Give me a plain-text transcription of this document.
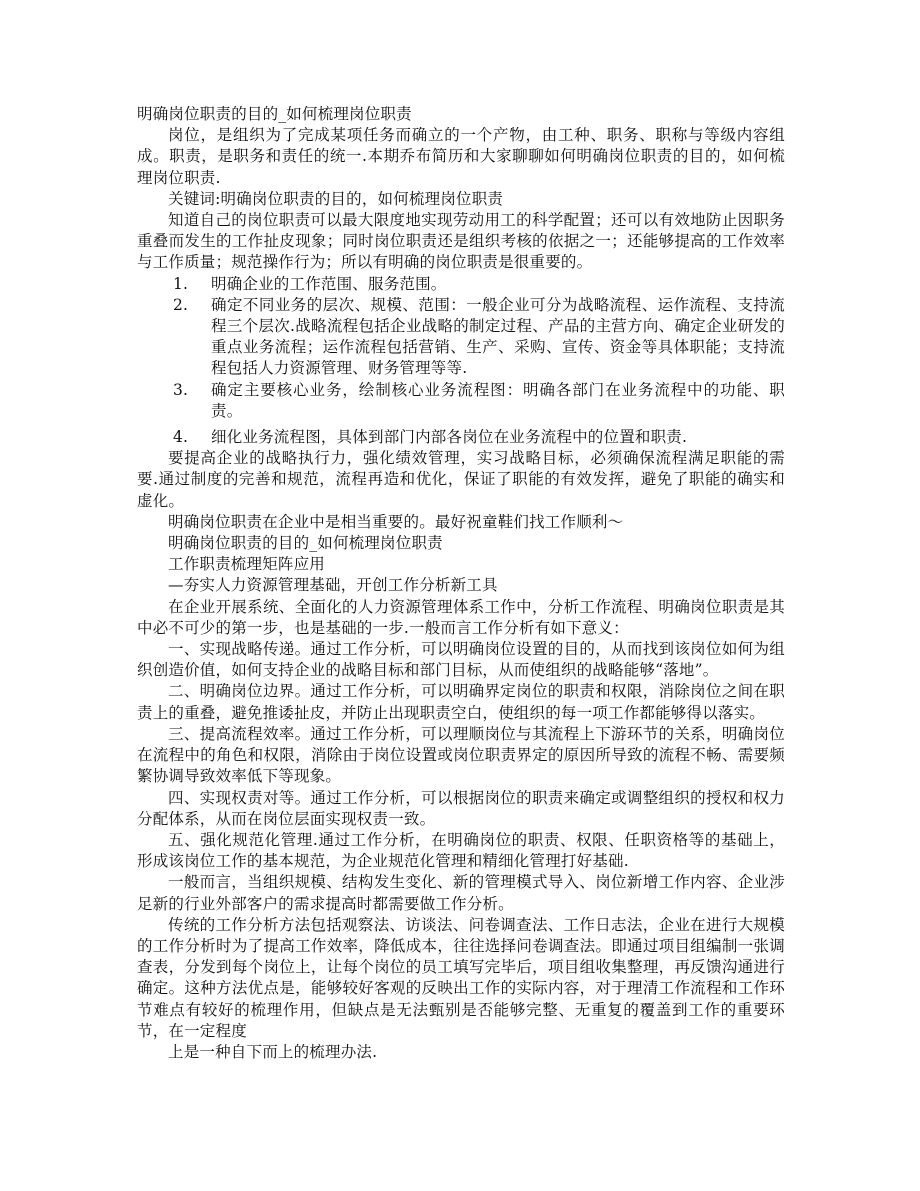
明确岗位职责的目的_如何梳理岗位职责

岗位，是组织为了完成某项任务而确立的一个产物，由工种、职务、职称与等级内容组成。职责，是职务和责任的统一.本期乔布简历和大家聊聊如何明确岗位职责的目的，如何梳理岗位职责.

关键词:明确岗位职责的目的，如何梳理岗位职责

知道自己的岗位职责可以最大限度地实现劳动用工的科学配置；还可以有效地防止因职务重叠而发生的工作扯皮现象；同时岗位职责还是组织考核的依据之一；还能够提高的工作效率与工作质量；规范操作行为；所以有明确的岗位职责是很重要的。

1.	明确企业的工作范围、服务范围。
2.	确定不同业务的层次、规模、范围：一般企业可分为战略流程、运作流程、支持流程三个层次.战略流程包括企业战略的制定过程、产品的主营方向、确定企业研发的重点业务流程；运作流程包括营销、生产、采购、宣传、资金等具体职能；支持流程包括人力资源管理、财务管理等等.
3.	确定主要核心业务，绘制核心业务流程图：明确各部门在业务流程中的功能、职责。
4.	细化业务流程图，具体到部门内部各岗位在业务流程中的位置和职责.

要提高企业的战略执行力，强化绩效管理，实习战略目标，必须确保流程满足职能的需要.通过制度的完善和规范，流程再造和优化，保证了职能的有效发挥，避免了职能的确实和虚化。

明确岗位职责在企业中是相当重要的。最好祝童鞋们找工作顺利～

明确岗位职责的目的_如何梳理岗位职责

工作职责梳理矩阵应用

—夯实人力资源管理基础，开创工作分析新工具

在企业开展系统、全面化的人力资源管理体系工作中，分析工作流程、明确岗位职责是其中必不可少的第一步，也是基础的一步.一般而言工作分析有如下意义：

一、实现战略传递。通过工作分析，可以明确岗位设置的目的，从而找到该岗位如何为组织创造价值，如何支持企业的战略目标和部门目标，从而使组织的战略能够“落地”。

二、明确岗位边界。通过工作分析，可以明确界定岗位的职责和权限，消除岗位之间在职责上的重叠，避免推诿扯皮，并防止出现职责空白，使组织的每一项工作都能够得以落实。

三、提高流程效率。通过工作分析，可以理顺岗位与其流程上下游环节的关系，明确岗位在流程中的角色和权限，消除由于岗位设置或岗位职责界定的原因所导致的流程不畅、需要频繁协调导致效率低下等现象。

四、实现权责对等。通过工作分析，可以根据岗位的职责来确定或调整组织的授权和权力分配体系，从而在岗位层面实现权责一致。

五、强化规范化管理.通过工作分析，在明确岗位的职责、权限、任职资格等的基础上，形成该岗位工作的基本规范，为企业规范化管理和精细化管理打好基础.

一般而言，当组织规模、结构发生变化、新的管理模式导入、岗位新增工作内容、企业涉足新的行业外部客户的需求提高时都需要做工作分析。

传统的工作分析方法包括观察法、访谈法、问卷调查法、工作日志法，企业在进行大规模的工作分析时为了提高工作效率，降低成本，往往选择问卷调查法。即通过项目组编制一张调查表，分发到每个岗位上，让每个岗位的员工填写完毕后，项目组收集整理，再反馈沟通进行确定。这种方法优点是，能够较好客观的反映出工作的实际内容，对于理清工作流程和工作环节难点有较好的梳理作用，但缺点是无法甄别是否能够完整、无重复的覆盖到工作的重要环节，在一定程度

上是一种自下而上的梳理办法.
